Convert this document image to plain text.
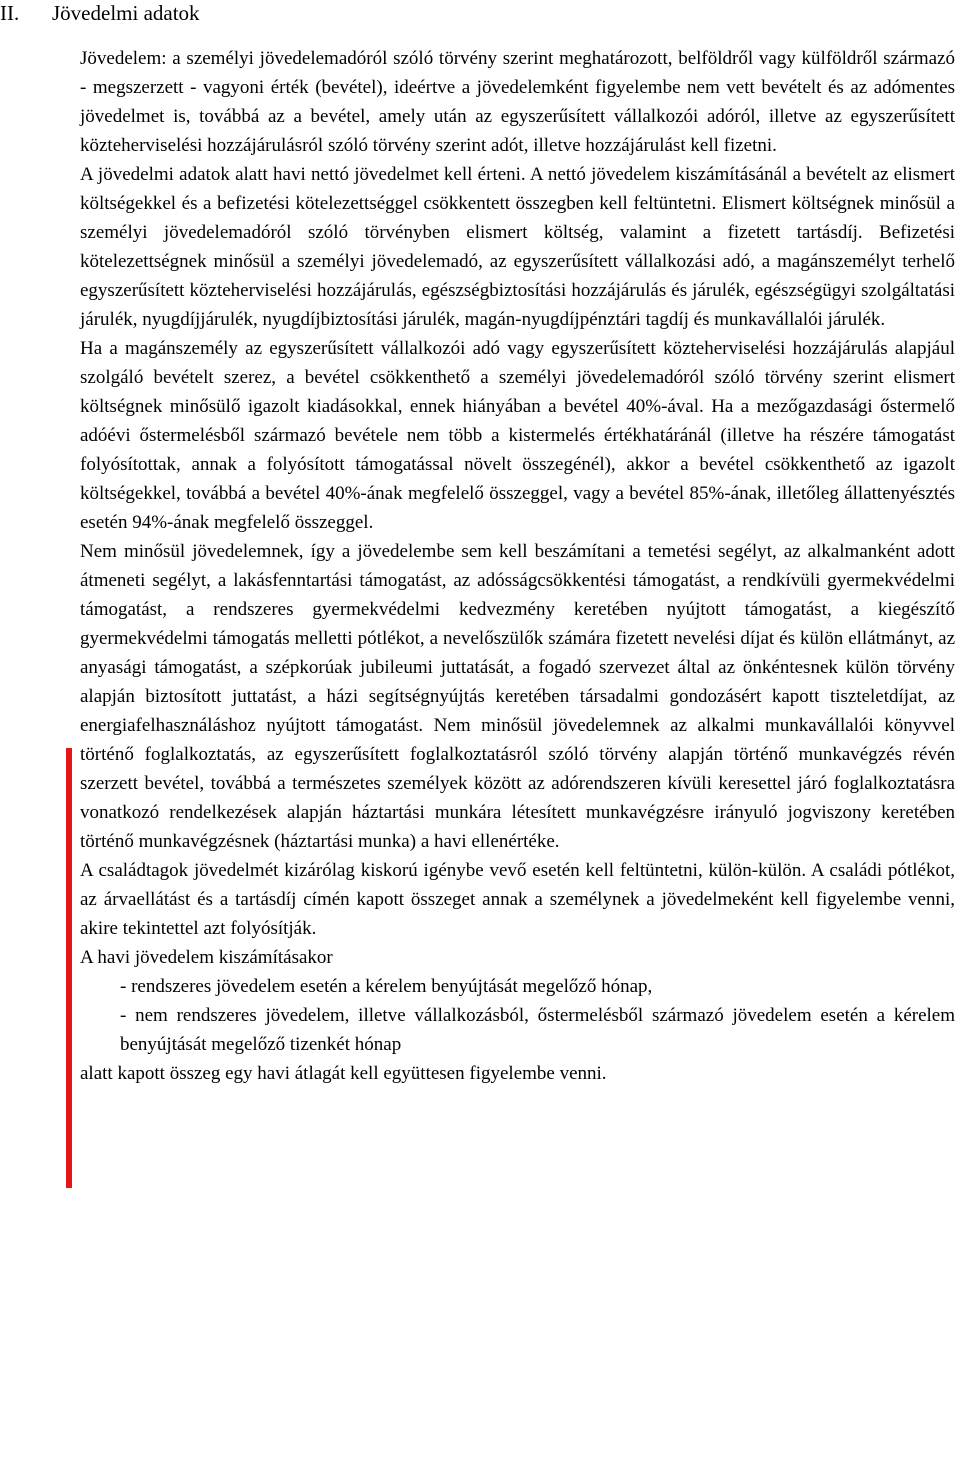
II. Jövedelmi adatok

Jövedelem: a személyi jövedelemadóról szóló törvény szerint meghatározott, belföldről vagy külföldről származó - megszerzett - vagyoni érték (bevétel), ideértve a jövedelemként figyelembe nem vett bevételt és az adómentes jövedelmet is, továbbá az a bevétel, amely után az egyszerűsített vállalkozói adóról, illetve az egyszerűsített közteherviselési hozzájárulásról szóló törvény szerint adót, illetve hozzájárulást kell fizetni.

A jövedelmi adatok alatt havi nettó jövedelmet kell érteni. A nettó jövedelem kiszámításánál a bevételt az elismert költségekkel és a befizetési kötelezettséggel csökkentett összegben kell feltüntetni. Elismert költségnek minősül a személyi jövedelemadóról szóló törvényben elismert költség, valamint a fizetett tartásdíj. Befizetési kötelezettségnek minősül a személyi jövedelemadó, az egyszerűsített vállalkozási adó, a magánszemélyt terhelő egyszerűsített közteherviselési hozzájárulás, egészségbiztosítási hozzájárulás és járulék, egészségügyi szolgáltatási járulék, nyugdíjjárulék, nyugdíjbiztosítási járulék, magán-nyugdíjpénztári tagdíj és munkavállalói járulék.

Ha a magánszemély az egyszerűsített vállalkozói adó vagy egyszerűsített közteherviselési hozzájárulás alapjául szolgáló bevételt szerez, a bevétel csökkenthető a személyi jövedelemadóról szóló törvény szerint elismert költségnek minősülő igazolt kiadásokkal, ennek hiányában a bevétel 40%-ával. Ha a mezőgazdasági őstermelő adóévi őstermelésből származó bevétele nem több a kistermelés értékhatáránál (illetve ha részére támogatást folyósítottak, annak a folyósított támogatással növelt összegénél), akkor a bevétel csökkenthető az igazolt költségekkel, továbbá a bevétel 40%-ának megfelelő összeggel, vagy a bevétel 85%-ának, illetőleg állattenyésztés esetén 94%-ának megfelelő összeggel.

Nem minősül jövedelemnek, így a jövedelembe sem kell beszámítani a temetési segélyt, az alkalmanként adott átmeneti segélyt, a lakásfenntartási támogatást, az adósságcsökkentési támogatást, a rendkívüli gyermekvédelmi támogatást, a rendszeres gyermekvédelmi kedvezmény keretében nyújtott támogatást, a kiegészítő gyermekvédelmi támogatás melletti pótlékot, a nevelőszülők számára fizetett nevelési díjat és külön ellátmányt, az anyasági támogatást, a szépkorúak jubileumi juttatását, a fogadó szervezet által az önkéntesnek külön törvény alapján biztosított juttatást, a házi segítségnyújtás keretében társadalmi gondozásért kapott tiszteletdíjat, az energiafelhasználáshoz nyújtott támogatást. Nem minősül jövedelemnek az alkalmi munkavállalói könyvvel történő foglalkoztatás, az egyszerűsített foglalkoztatásról szóló törvény alapján történő munkavégzés révén szerzett bevétel, továbbá a természetes személyek között az adórendszeren kívüli keresettel járó foglalkoztatásra vonatkozó rendelkezések alapján háztartási munkára létesített munkavégzésre irányuló jogviszony keretében történő munkavégzésnek (háztartási munka) a havi ellenértéke.

A családtagok jövedelmét kizárólag kiskorú igénybe vevő esetén kell feltüntetni, külön-külön. A családi pótlékot, az árvaellátást és a tartásdíj címén kapott összeget annak a személynek a jövedelmeként kell figyelembe venni, akire tekintettel azt folyósítják.

A havi jövedelem kiszámításakor

- rendszeres jövedelem esetén a kérelem benyújtását megelőző hónap,
- nem rendszeres jövedelem, illetve vállalkozásból, őstermelésből származó jövedelem esetén a kérelem benyújtását megelőző tizenkét hónap

alatt kapott összeg egy havi átlagát kell együttesen figyelembe venni.
